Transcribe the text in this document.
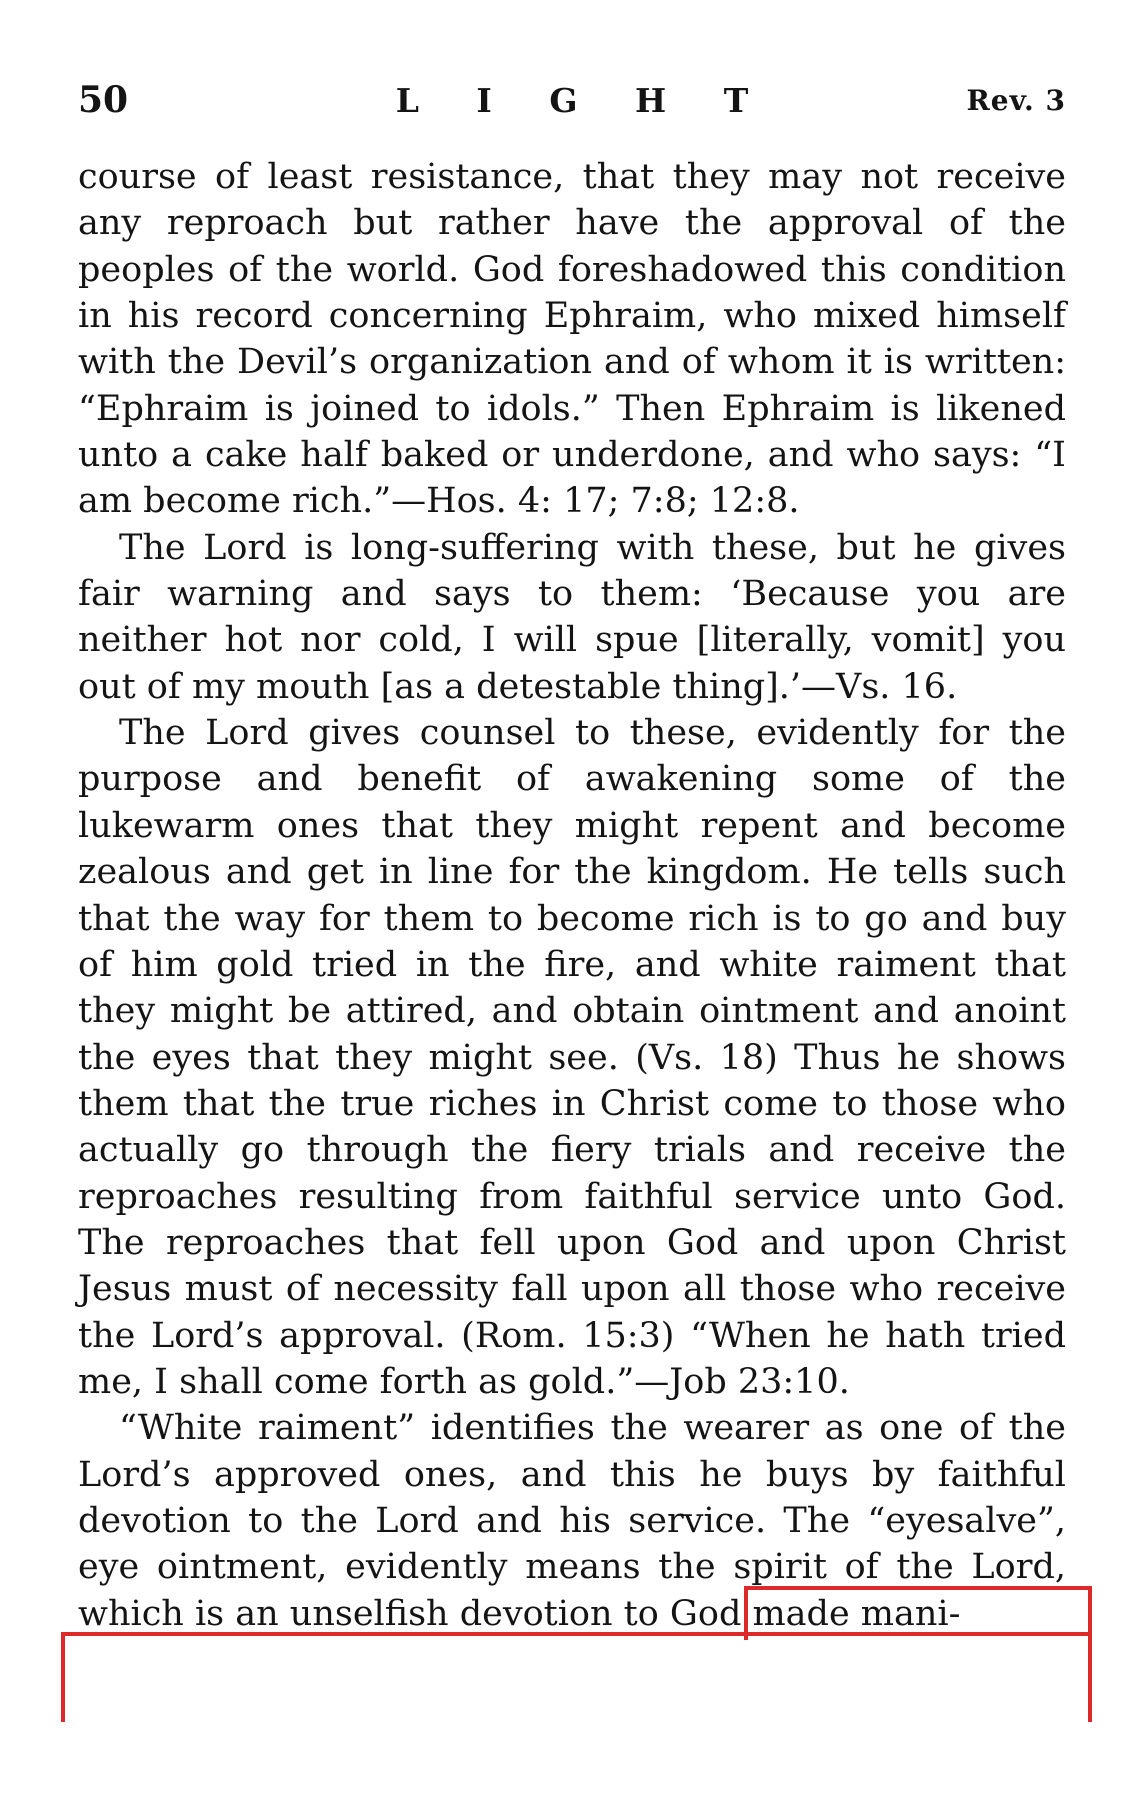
50	L I G H T	Rev. 3

course of least resistance, that they may not receive any reproach but rather have the approval of the peoples of the world. God foreshadowed this condition in his record concerning Ephraim, who mixed himself with the Devil’s organization and of whom it is written: “Ephraim is joined to idols.” Then Ephraim is likened unto a cake half baked or underdone, and who says: “I am become rich.”—Hos. 4: 17; 7:8; 12:8.

The Lord is long-suffering with these, but he gives fair warning and says to them: ‘Because you are neither hot nor cold, I will spue [literally, vomit] you out of my mouth [as a detestable thing].’—Vs. 16.

The Lord gives counsel to these, evidently for the purpose and benefit of awakening some of the lukewarm ones that they might repent and become zealous and get in line for the kingdom. He tells such that the way for them to become rich is to go and buy of him gold tried in the fire, and white raiment that they might be attired, and obtain ointment and anoint the eyes that they might see. (Vs. 18) Thus he shows them that the true riches in Christ come to those who actually go through the fiery trials and receive the reproaches resulting from faithful service unto God. The reproaches that fell upon God and upon Christ Jesus must of necessity fall upon all those who receive the Lord’s approval. (Rom. 15:3) “When he hath tried me, I shall come forth as gold.”—Job 23:10.

“White raiment” identifies the wearer as one of the Lord’s approved ones, and this he buys by faithful devotion to the Lord and his service. The “eyesalve”, eye ointment, evidently means the spirit of the Lord, which is an unselfish devotion to God made mani-
